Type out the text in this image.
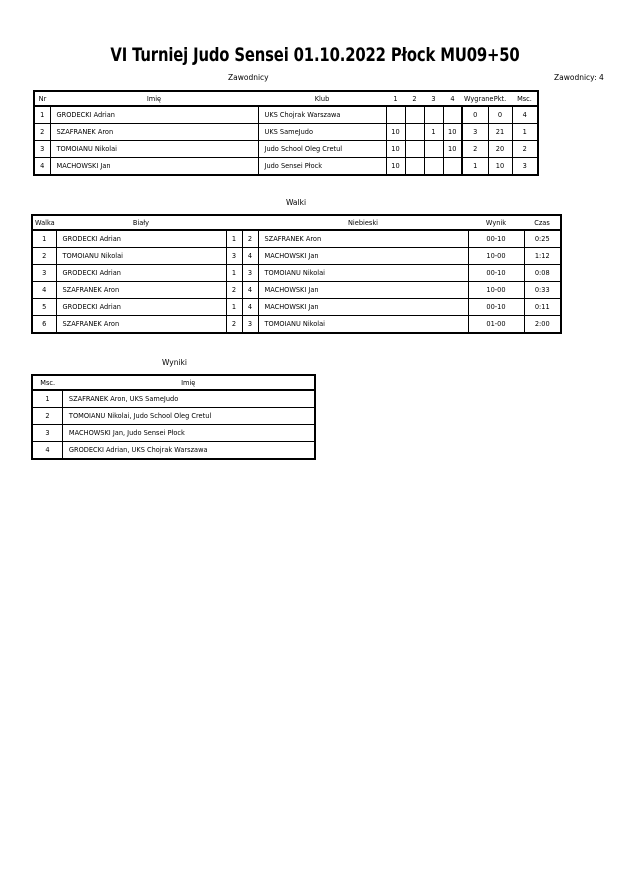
VI Turniej Judo Sensei 01.10.2022 Płock MU09+50
Zawodnicy	Zawodnicy: 4
Nr	Imię	Klub	1	2	3	4	Wygrane	Pkt.	Msc.
1	GRODECKI Adrian	UKS Chojrak Warszawa					0	0	4
2	SZAFRANEK Aron	UKS SameJudo	10		1	10	3	21	1
3	TOMOIANU Nikolai	Judo School Oleg Cretul	10			10	2	20	2
4	MACHOWSKI Jan	Judo Sensei Płock	10				1	10	3
Walki
Walka	Biały			Niebieski	Wynik	Czas
1	GRODECKI Adrian	1	2	SZAFRANEK Aron	00-10	0:25
2	TOMOIANU Nikolai	3	4	MACHOWSKI Jan	10-00	1:12
3	GRODECKI Adrian	1	3	TOMOIANU Nikolai	00-10	0:08
4	SZAFRANEK Aron	2	4	MACHOWSKI Jan	10-00	0:33
5	GRODECKI Adrian	1	4	MACHOWSKI Jan	00-10	0:11
6	SZAFRANEK Aron	2	3	TOMOIANU Nikolai	01-00	2:00
Wyniki
Msc.	Imię
1	SZAFRANEK Aron, UKS SameJudo
2	TOMOIANU Nikolai, Judo School Oleg Cretul
3	MACHOWSKI Jan, Judo Sensei Płock
4	GRODECKI Adrian, UKS Chojrak Warszawa
